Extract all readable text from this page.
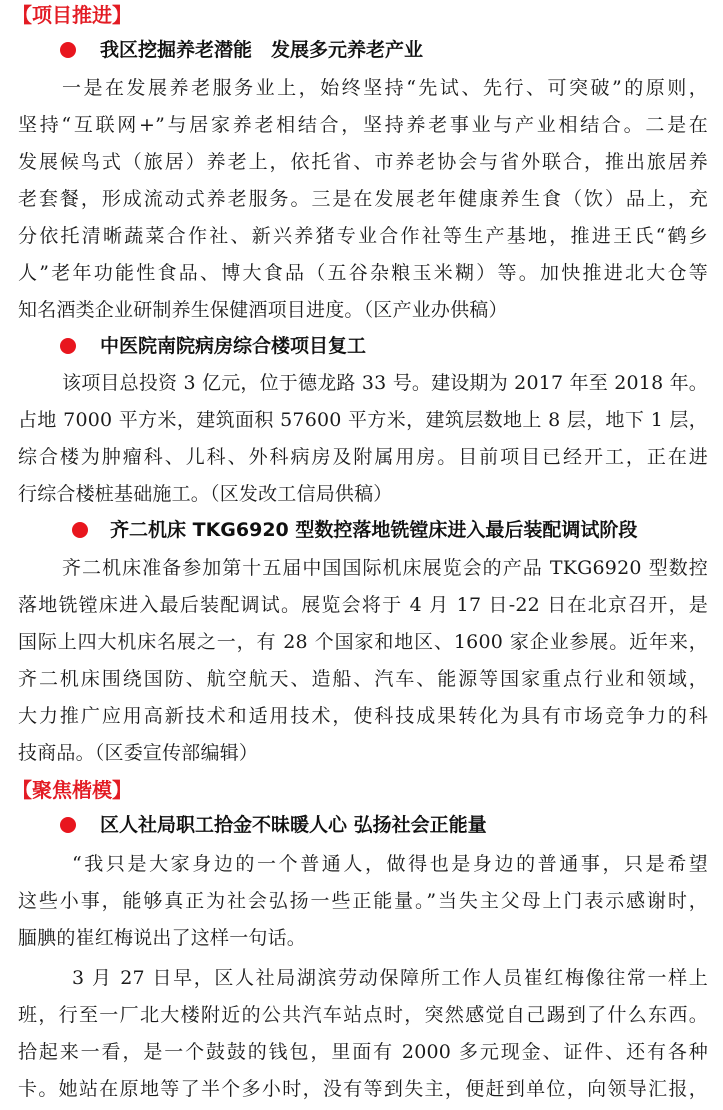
【项目推进】
我区挖掘养老潜能　发展多元养老产业
一是在发展养老服务业上，始终坚持“先试、先行、可突破”的原则，
坚持“互联网+”与居家养老相结合，坚持养老事业与产业相结合。二是在
发展候鸟式（旅居）养老上，依托省、市养老协会与省外联合，推出旅居养
老套餐，形成流动式养老服务。三是在发展老年健康养生食（饮）品上，充
分依托清晰蔬菜合作社、新兴养猪专业合作社等生产基地，推进王氏“鹤乡
人”老年功能性食品、博大食品（五谷杂粮玉米糊）等。加快推进北大仓等
知名酒类企业研制养生保健酒项目进度。（区产业办供稿）
中医院南院病房综合楼项目复工
该项目总投资 3 亿元，位于德龙路 33 号。建设期为 2017 年至 2018 年。
占地 7000 平方米，建筑面积 57600 平方米，建筑层数地上 8 层，地下 1 层，
综合楼为肿瘤科、儿科、外科病房及附属用房。目前项目已经开工，正在进
行综合楼桩基础施工。（区发改工信局供稿）
齐二机床 TKG6920 型数控落地铣镗床进入最后装配调试阶段
齐二机床准备参加第十五届中国国际机床展览会的产品 TKG6920 型数控
落地铣镗床进入最后装配调试。展览会将于 4 月 17 日-22 日在北京召开，是
国际上四大机床名展之一，有 28 个国家和地区、1600 家企业参展。近年来，
齐二机床围绕国防、航空航天、造船、汽车、能源等国家重点行业和领域，
大力推广应用高新技术和适用技术，使科技成果转化为具有市场竞争力的科
技商品。（区委宣传部编辑）
【聚焦楷模】
区人社局职工拾金不昧暖人心 弘扬社会正能量
“我只是大家身边的一个普通人，做得也是身边的普通事，只是希望
这些小事，能够真正为社会弘扬一些正能量。”当失主父母上门表示感谢时，
腼腆的崔红梅说出了这样一句话。
3 月 27 日早，区人社局湖滨劳动保障所工作人员崔红梅像往常一样上
班，行至一厂北大楼附近的公共汽车站点时，突然感觉自己踢到了什么东西。
拾起来一看，是一个鼓鼓的钱包，里面有 2000 多元现金、证件、还有各种
卡。她站在原地等了半个多小时，没有等到失主，便赶到单位，向领导汇报，
